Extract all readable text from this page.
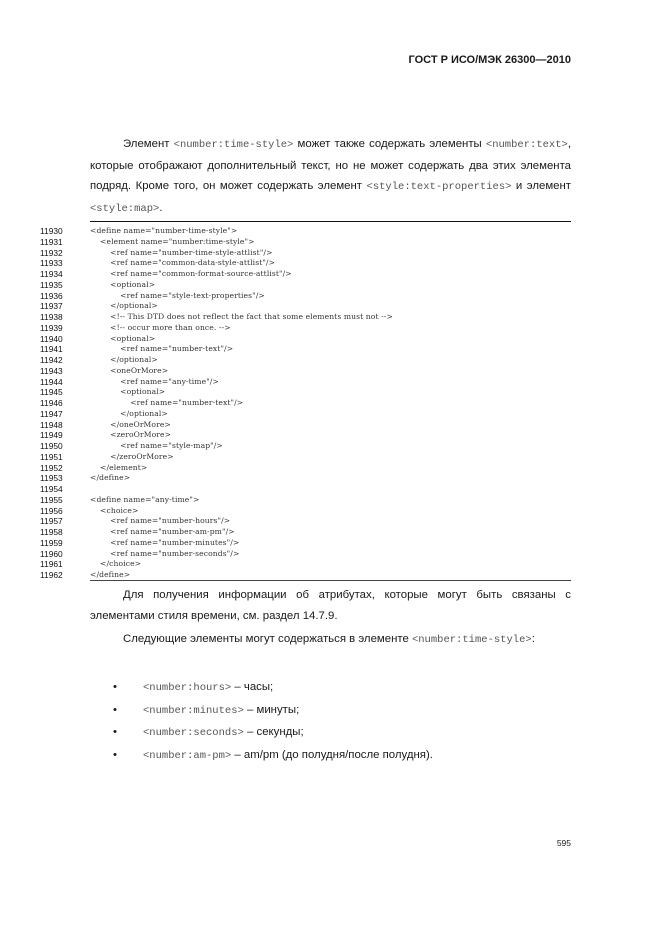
ГОСТ Р ИСО/МЭК 26300—2010
Элемент <number:time-style> может также содержать элементы <number:text>, которые отображают дополнительный текст, но не может содержать два этих элемента подряд. Кроме того, он может содержать элемент <style:text-properties> и элемент <style:map>.
11930	<define name="number-time-style">
11931	<element name="number:time-style">
11932	<ref name="number-time-style-attlist"/>
11933	<ref name="common-data-style-attlist"/>
11934	<ref name="common-format-source-attlist"/>
11935	<optional>
11936	<ref name="style-text-properties"/>
11937	</optional>
11938	<!-- This DTD does not reflect the fact that some elements must not -->
11939	<!-- occur more than once. -->
11940	<optional>
11941	<ref name="number-text"/>
11942	</optional>
11943	<oneOrMore>
11944	<ref name="any-time"/>
11945	<optional>
11946	<ref name="number-text"/>
11947	</optional>
11948	</oneOrMore>
11949	<zeroOrMore>
11950	<ref name="style-map"/>
11951	</zeroOrMore>
11952	</element>
11953	</define>
11954
11955	<define name="any-time">
11956	<choice>
11957	<ref name="number-hours"/>
11958	<ref name="number-am-pm"/>
11959	<ref name="number-minutes"/>
11960	<ref name="number-seconds"/>
11961	</choice>
11962	</define>
Для получения информации об атрибутах, которые могут быть связаны с элементами стиля времени, см. раздел 14.7.9.
Следующие элементы могут содержаться в элементе <number:time-style>:
• <number:hours> – часы;
• <number:minutes> – минуты;
• <number:seconds> – секунды;
• <number:am-pm> – am/pm (до полудня/после полудня).
595
